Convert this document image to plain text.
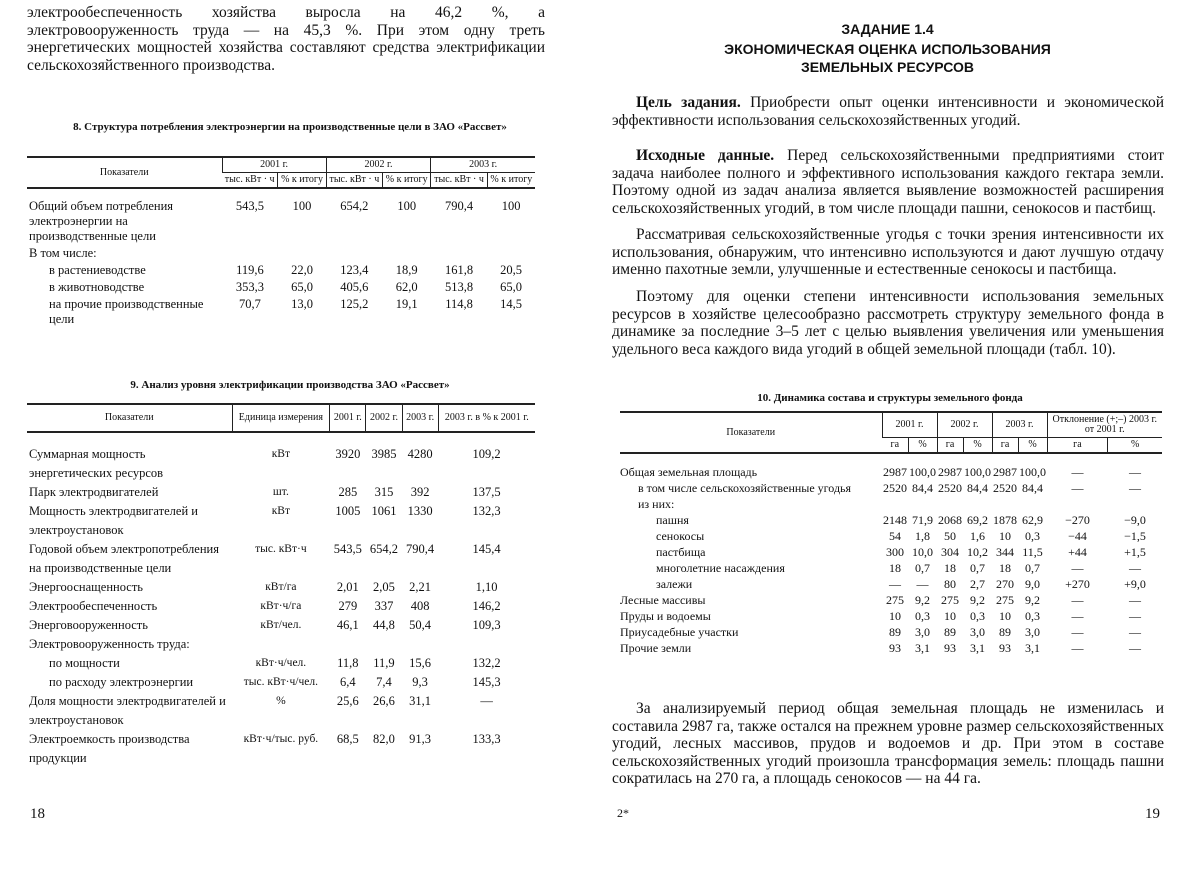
электрообеспеченность хозяйства выросла на 46,2 %, а электровооруженность труда — на 45,3 %. При этом одну треть энергетических мощностей хозяйства составляют средства электрификации сельскохозяйственного производства.
8. Структура потребления электроэнергии на производственные цели в ЗАО «Рассвет»
Показатели	2001 г.	2002 г.	2003 г.
тыс. кВт · ч	% к итогу	тыс. кВт · ч	% к итогу	тыс. кВт · ч	% к итогу
Общий объем потребления электроэнергии на производственные цели	543,5	100	654,2	100	790,4	100
В том числе:						
в растениеводстве	119,6	22,0	123,4	18,9	161,8	20,5
в животноводстве	353,3	65,0	405,6	62,0	513,8	65,0
на прочие производственные цели	70,7	13,0	125,2	19,1	114,8	14,5
9. Анализ уровня электрификации производства ЗАО «Рассвет»
Показатели	Единица измерения	2001 г.	2002 г.	2003 г.	2003 г. в % к 2001 г.
Суммарная мощность энергетических ресурсов	кВт	3920	3985	4280	109,2
Парк электродвигателей	шт.	285	315	392	137,5
Мощность электродвигателей и электроустановок	кВт	1005	1061	1330	132,3
Годовой объем электропотребления на производственные цели	тыс. кВт·ч	543,5	654,2	790,4	145,4
Энергооснащенность	кВт/га	2,01	2,05	2,21	1,10
Электрообеспеченность	кВт·ч/га	279	337	408	146,2
Энерговооруженность	кВт/чел.	46,1	44,8	50,4	109,3
Электровооруженность труда:					
по мощности	кВт·ч/чел.	11,8	11,9	15,6	132,2
по расходу электроэнергии	тыс. кВт·ч/чел.	6,4	7,4	9,3	145,3
Доля мощности электродвигателей и электроустановок	%	25,6	26,6	31,1	—
Электроемкость производства продукции	кВт·ч/тыс. руб.	68,5	82,0	91,3	133,3
18
ЗАДАНИЕ 1.4
ЭКОНОМИЧЕСКАЯ ОЦЕНКА ИСПОЛЬЗОВАНИЯ ЗЕМЕЛЬНЫХ РЕСУРСОВ
Цель задания. Приобрести опыт оценки интенсивности и экономической эффективности использования сельскохозяйственных угодий.
Исходные данные. Перед сельскохозяйственными предприятиями стоит задача наиболее полного и эффективного использования каждого гектара земли. Поэтому одной из задач анализа является выявление возможностей расширения сельскохозяйственных угодий, в том числе площади пашни, сенокосов и пастбищ.
Рассматривая сельскохозяйственные угодья с точки зрения интенсивности их использования, обнаружим, что интенсивно используются и дают лучшую отдачу именно пахотные земли, улучшенные и естественные сенокосы и пастбища.
Поэтому для оценки степени интенсивности использования земельных ресурсов в хозяйстве целесообразно рассмотреть структуру земельного фонда в динамике за последние 3–5 лет с целью выявления увеличения или уменьшения удельного веса каждого вида угодий в общей земельной площади (табл. 10).
10. Динамика состава и структуры земельного фонда
Показатели	2001 г.	2002 г.	2003 г.	Отклонение (+;–) 2003 г. от 2001 г.
га	%	га	%	га	%	га	%
Общая земельная площадь	2987	100,0	2987	100,0	2987	100,0	—	—
в том числе сельскохозяйственные угодья	2520	84,4	2520	84,4	2520	84,4	—	—
из них:								
пашня	2148	71,9	2068	69,2	1878	62,9	−270	−9,0
сенокосы	54	1,8	50	1,6	10	0,3	−44	−1,5
пастбища	300	10,0	304	10,2	344	11,5	+44	+1,5
многолетние насаждения	18	0,7	18	0,7	18	0,7	—	—
залежи	—	—	80	2,7	270	9,0	+270	+9,0
Лесные массивы	275	9,2	275	9,2	275	9,2	—	—
Пруды и водоемы	10	0,3	10	0,3	10	0,3	—	—
Приусадебные участки	89	3,0	89	3,0	89	3,0	—	—
Прочие земли	93	3,1	93	3,1	93	3,1	—	—
За анализируемый период общая земельная площадь не изменилась и составила 2987 га, также остался на прежнем уровне размер сельскохозяйственных угодий, лесных массивов, прудов и водоемов и др. При этом в составе сельскохозяйственных угодий произошла трансформация земель: площадь пашни сократилась на 270 га, а площадь сенокосов — на 44 га.
2*	19
